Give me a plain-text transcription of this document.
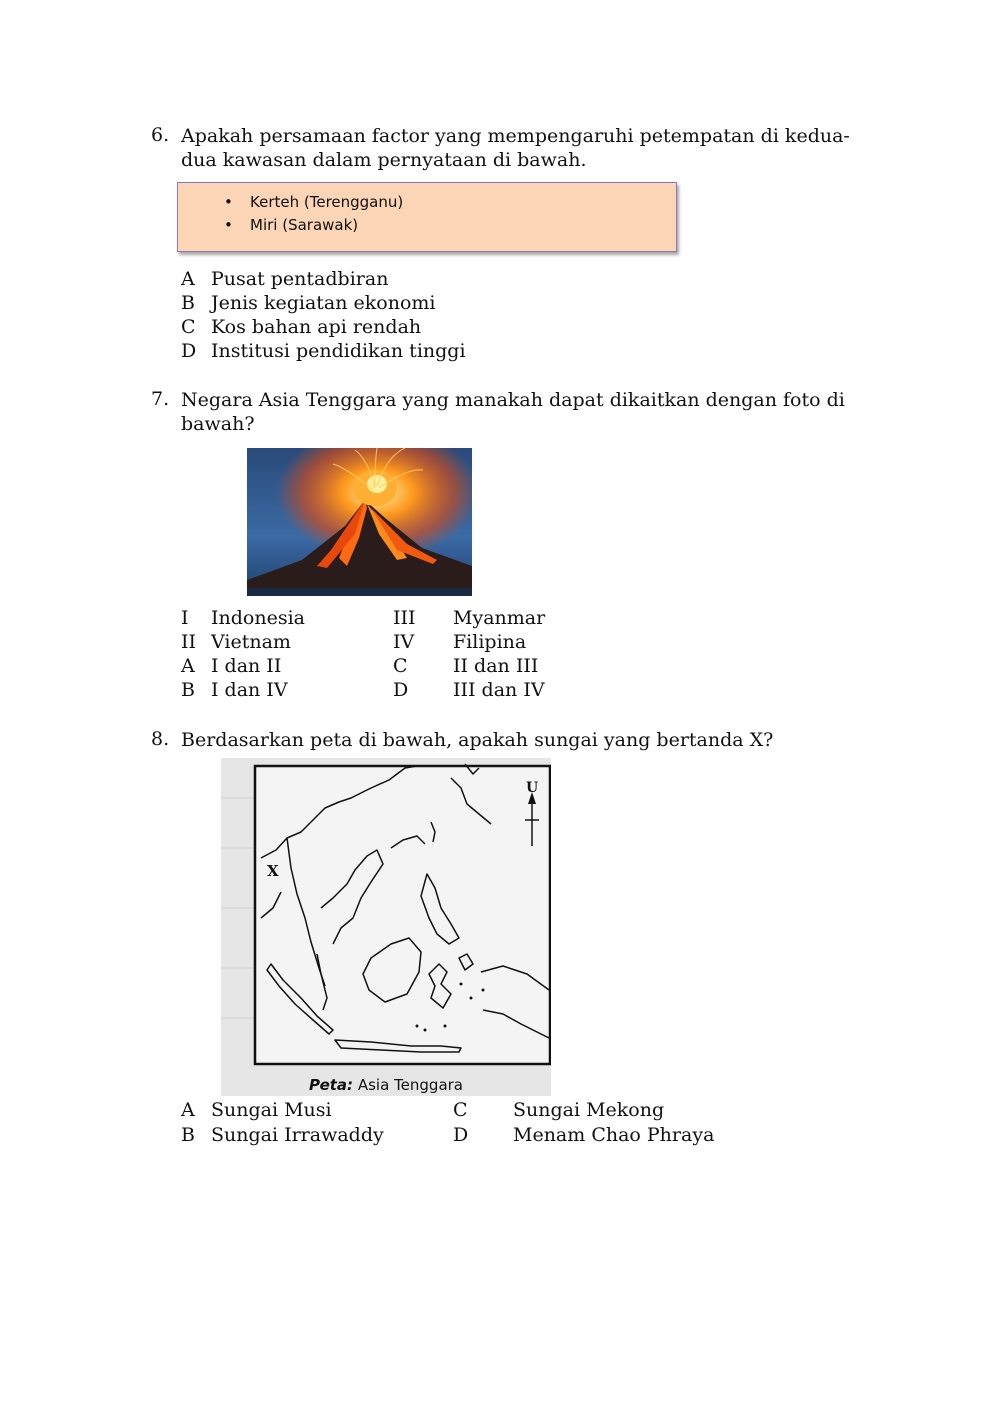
6. Apakah persamaan factor yang mempengaruhi petempatan di kedua-
dua kawasan dalam pernyataan di bawah.
• Kerteh (Terengganu)
• Miri (Sarawak)
A Pusat pentadbiran
B Jenis kegiatan ekonomi
C Kos bahan api rendah
D Institusi pendidikan tinggi
7. Negara Asia Tenggara yang manakah dapat dikaitkan dengan foto di
bawah?
I Indonesia	III Myanmar
II Vietnam	IV Filipina
A I dan II	C II dan III
B I dan IV	D III dan IV
8. Berdasarkan peta di bawah, apakah sungai yang bertanda X?
U
X
Peta: Asia Tenggara
A Sungai Musi	C Sungai Mekong
B Sungai Irrawaddy	D Menam Chao Phraya
